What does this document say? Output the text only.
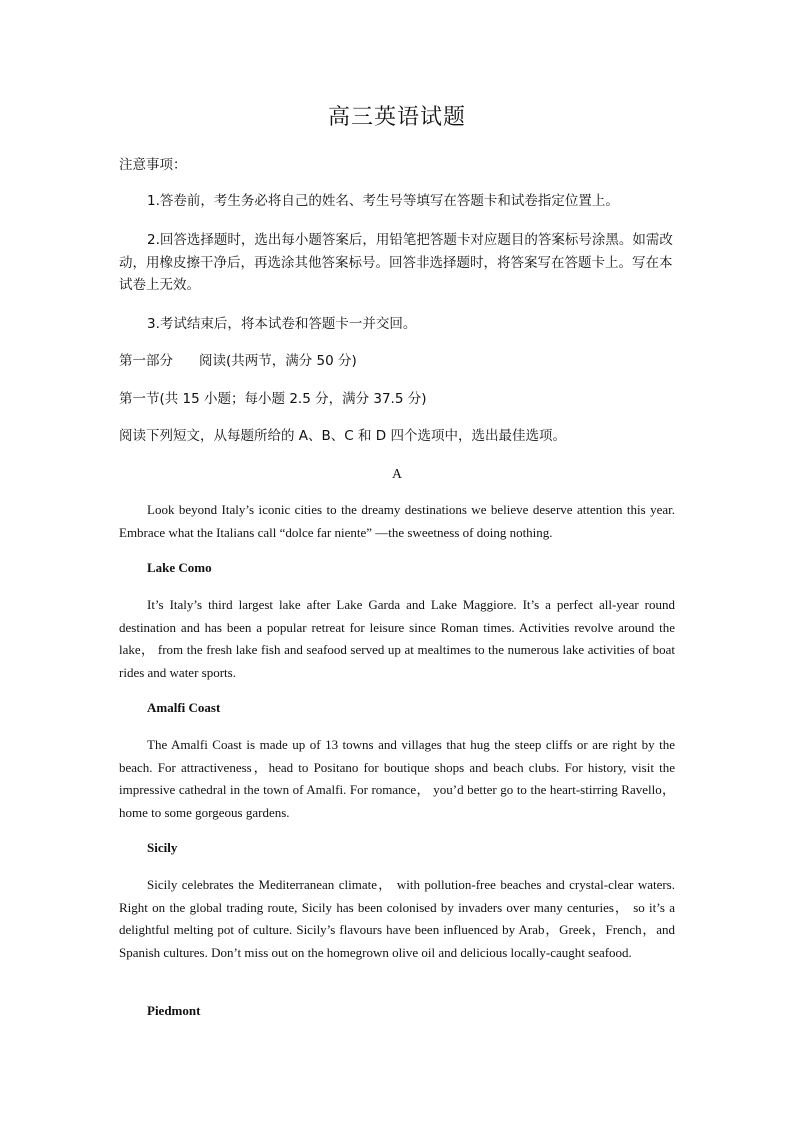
高三英语试题
注意事项：
1.答卷前，考生务必将自己的姓名、考生号等填写在答题卡和试卷指定位置上。
2.回答选择题时，选出每小题答案后，用铅笔把答题卡对应题目的答案标号涂黑。如需改动，用橡皮擦干净后，再选涂其他答案标号。回答非选择题时，将答案写在答题卡上。写在本试卷上无效。
3.考试结束后，将本试卷和答题卡一并交回。
第一部分 阅读(共两节，满分 50 分)
第一节(共 15 小题；每小题 2.5 分，满分 37.5 分)
阅读下列短文，从每题所给的 A、B、C 和 D 四个选项中，选出最佳选项。
A
Look beyond Italy’s iconic cities to the dreamy destinations we believe deserve attention this year. Embrace what the Italians call “dolce far niente” —the sweetness of doing nothing.
Lake Como
It’s Italy’s third largest lake after Lake Garda and Lake Maggiore. It’s a perfect all-year round destination and has been a popular retreat for leisure since Roman times. Activities revolve around the lake， from the fresh lake fish and seafood served up at mealtimes to the numerous lake activities of boat rides and water sports.
Amalfi Coast
The Amalfi Coast is made up of 13 towns and villages that hug the steep cliffs or are right by the beach. For attractiveness，head to Positano for boutique shops and beach clubs. For history, visit the impressive cathedral in the town of Amalfi. For romance， you’d better go to the heart-stirring Ravello，home to some gorgeous gardens.
Sicily
Sicily celebrates the Mediterranean climate， with pollution-free beaches and crystal-clear waters. Right on the global trading route, Sicily has been colonised by invaders over many centuries， so it’s a delightful melting pot of culture. Sicily’s flavours have been influenced by Arab，Greek，French，and Spanish cultures. Don’t miss out on the homegrown olive oil and delicious locally-caught seafood.
Piedmont
